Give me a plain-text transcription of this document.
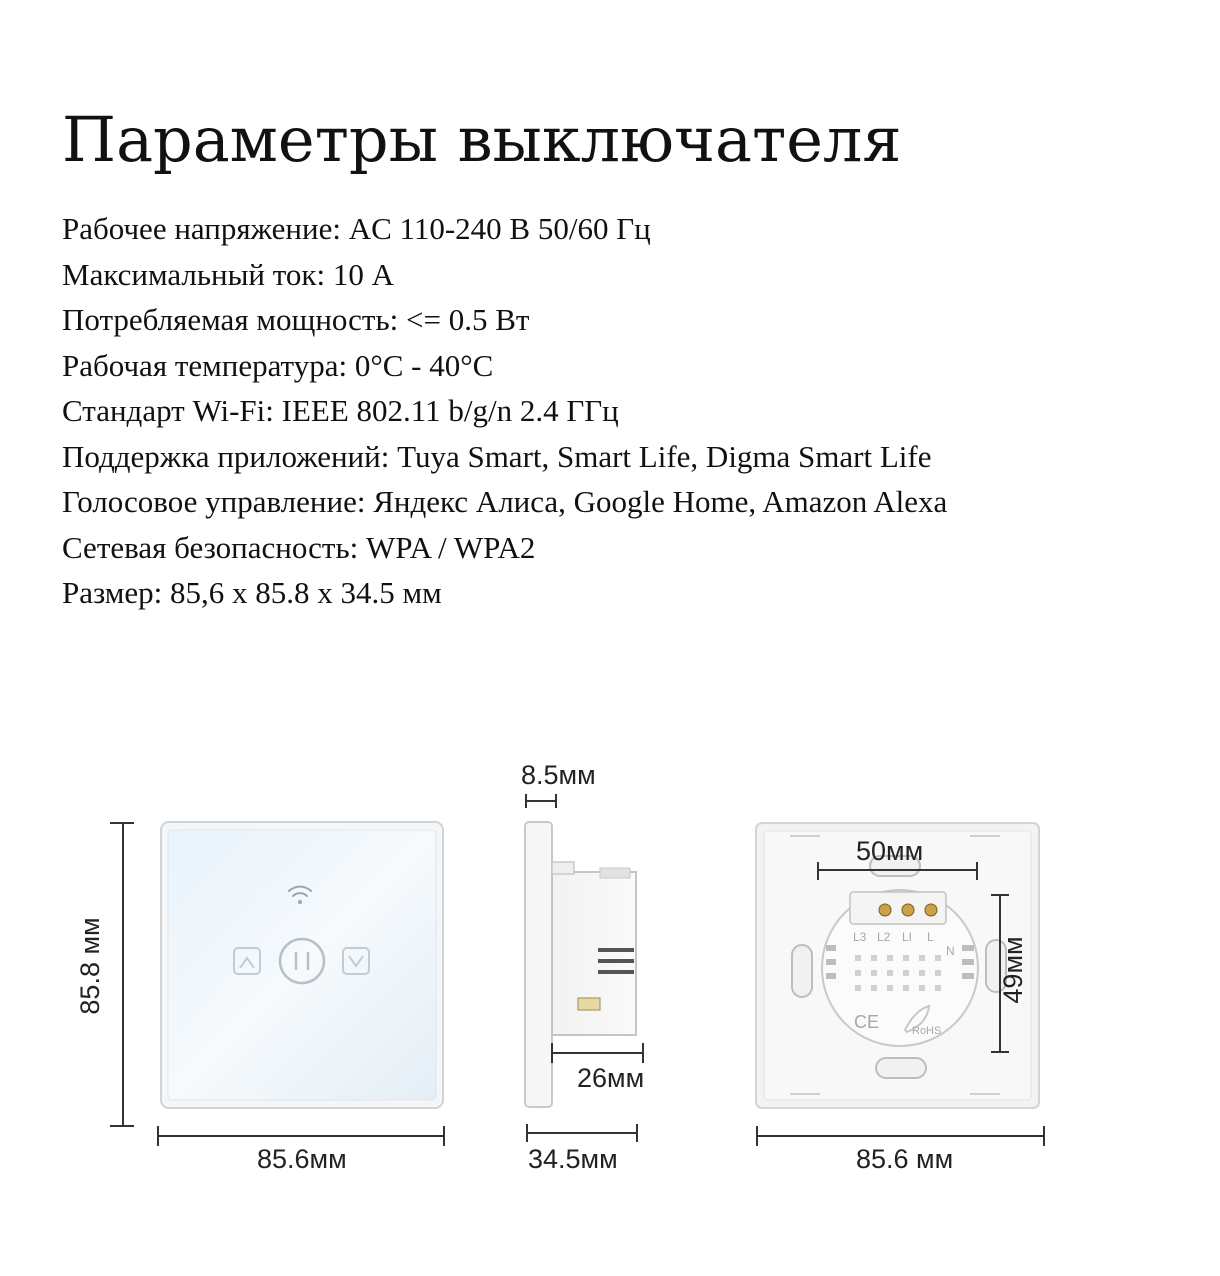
Параметры выключателя
Рабочее напряжение: AC 110-240 В 50/60 Гц
Максимальный ток: 10 А
Потребляемая мощность: <= 0.5 Вт
Рабочая температура: 0°C - 40°C
Стандарт Wi-Fi: IEEE 802.11 b/g/n 2.4 ГГц
Поддержка приложений: Tuya Smart, Smart Life, Digma Smart Life
Голосовое управление: Яндекс Алиса, Google Home, Amazon Alexa
Сетевая безопасность: WPA / WPA2
Размер: 85,6 x 85.8 x 34.5 мм
L3 L2 LI L
N
CE	RoHS
85.8 мм
85.6мм
8.5мм
26мм
34.5мм
50мм
49мм
85.6 мм
